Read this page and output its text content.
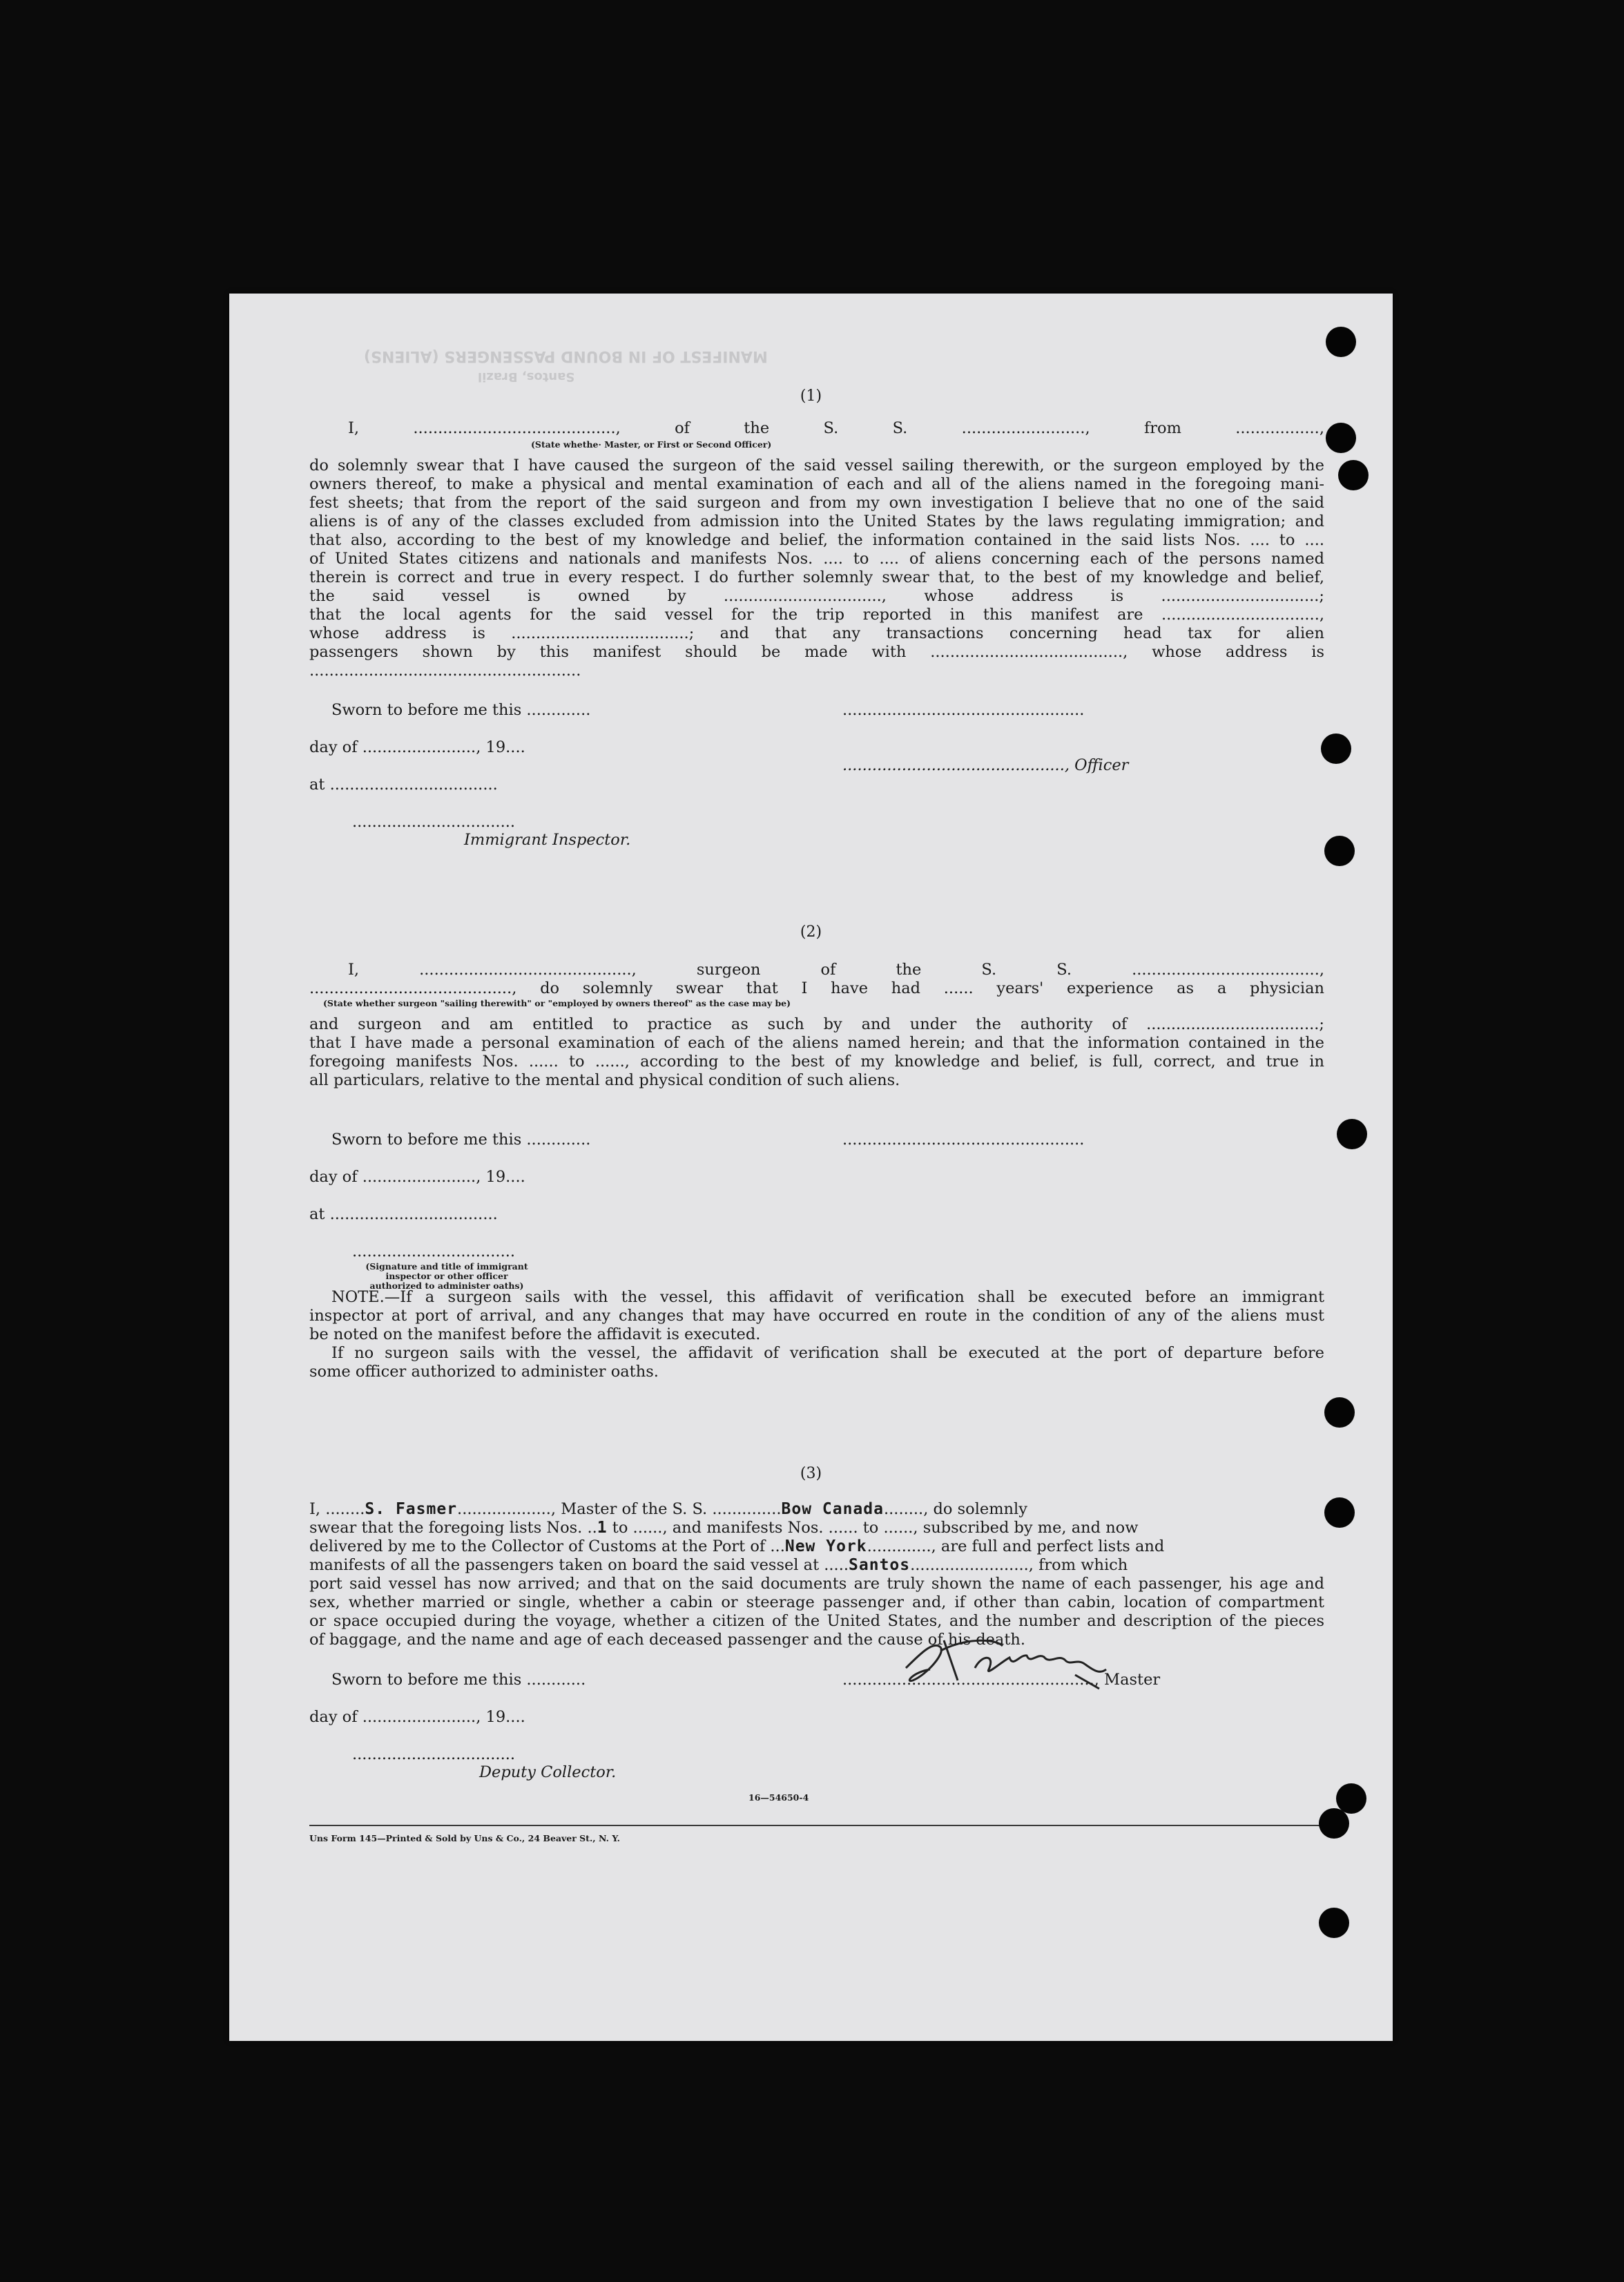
MANIFEST OF IN BOUND PASSENGERS (ALIENS)
Santos, Brazil

(1)

I, ........................................., of the S. S. ........................., from .................,

(State whethe· Master, or First or Second Officer)

do solemnly swear that I have caused the surgeon of the said vessel sailing therewith, or the surgeon employed by the

owners thereof, to make a physical and mental examination of each and all of the aliens named in the foregoing mani-

fest sheets; that from the report of the said surgeon and from my own investigation I believe that no one of the said

aliens is of any of the classes excluded from admission into the United States by the laws regulating immigration; and

that also, according to the best of my knowledge and belief, the information contained in the said lists Nos. .... to ....

of United States citizens and nationals and manifests Nos. .... to .... of aliens concerning each of the persons named

therein is correct and true in every respect. I do further solemnly swear that, to the best of my knowledge and belief,

the said vessel is owned by ................................, whose address is ................................;

that the local agents for the said vessel for the trip reported in this manifest are ................................,

whose address is ....................................; and that any transactions concerning head tax for alien

passengers shown by this manifest should be made with ......................................., whose address is

.......................................................

Sworn to before me this .............	.................................................

day of ......................., 19....

............................................., Officer

at ..................................

.................................

Immigrant Inspector.

(2)

I, ..........................................., surgeon of the S. S. ......................................,

........................................., do solemnly swear that I have had ...... years' experience as a physician

(State whether surgeon "sailing therewith" or "employed by owners thereof" as the case may be)

and surgeon and am entitled to practice as such by and under the authority of ...................................;

that I have made a personal examination of each of the aliens named herein; and that the information contained in the

foregoing manifests Nos. ...... to ......, according to the best of my knowledge and belief, is full, correct, and true in

all particulars, relative to the mental and physical condition of such aliens.

Sworn to before me this .............	.................................................

day of ......................., 19....

at ..................................

.................................

(Signature and title of immigrant inspector or other officer authorized to administer oaths)

NOTE.—If a surgeon sails with the vessel, this affidavit of verification shall be executed before an immigrant

inspector at port of arrival, and any changes that may have occurred en route in the condition of any of the aliens must

be noted on the manifest before the affidavit is executed.

If no surgeon sails with the vessel, the affidavit of verification shall be executed at the port of departure before

some officer authorized to administer oaths.

(3)

I, ........S. Fasmer..................., Master of the S. S. ..............Bow Canada........, do solemnly

swear that the foregoing lists Nos. ..1 to ......, and manifests Nos. ...... to ......, subscribed by me, and now

delivered by me to the Collector of Customs at the Port of ...New York............., are full and perfect lists and

manifests of all the passengers taken on board the said vessel at .....Santos........................, from which

port said vessel has now arrived; and that on the said documents are truly shown the name of each passenger, his age and

sex, whether married or single, whether a cabin or steerage passenger and, if other than cabin, location of compartment

or space occupied during the voyage, whether a citizen of the United States, and the number and description of the pieces

of baggage, and the name and age of each deceased passenger and the cause of his death.

Sworn to before me this ............	..................................................., Master

day of ......................., 19....

.................................

Deputy Collector.

16—54650-4

Uns Form 145—Printed & Sold by Uns & Co., 24 Beaver St., N. Y.
